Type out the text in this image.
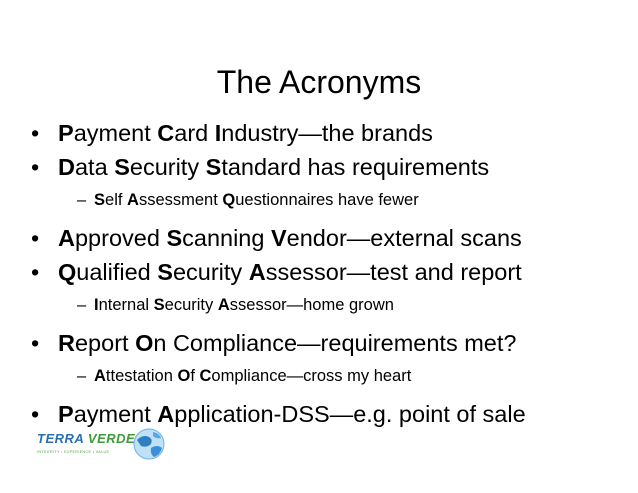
The Acronyms
• Payment Card Industry—the brands
• Data Security Standard has requirements
– Self Assessment Questionnaires have fewer
• Approved Scanning Vendor—external scans
• Qualified Security Assessor—test and report
– Internal Security Assessor—home grown
• Report On Compliance—requirements met?
– Attestation Of Compliance—cross my heart
• Payment Application-DSS—e.g. point of sale
TERRA VERDE
INTEGRITY • EXPERIENCE • VALUE
